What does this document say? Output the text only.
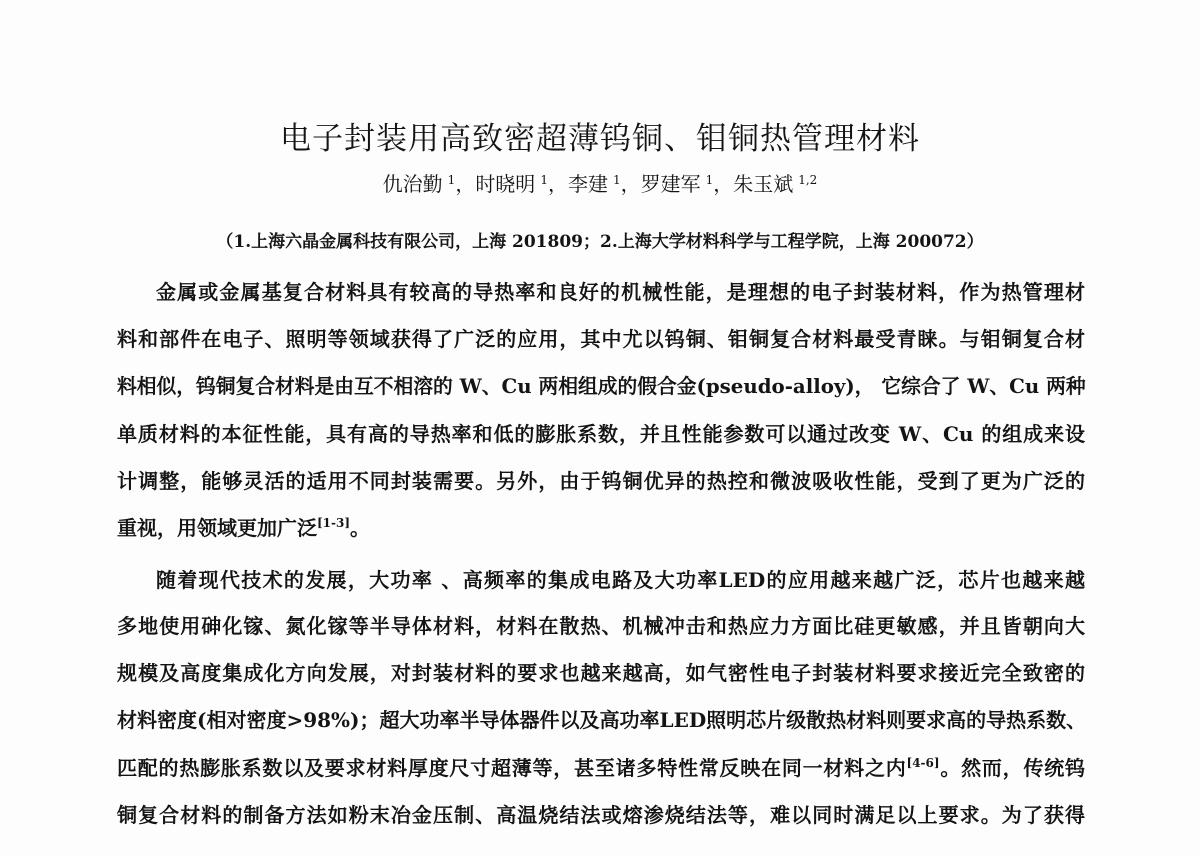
电子封装用高致密超薄钨铜、钼铜热管理材料
仇治勤 $^1$，时晓明 $^1$，李建 $^1$，罗建军 $^1$，朱玉斌 $^{1,2}$
（1.上海六晶金属科技有限公司，上海 201809；2.上海大学材料科学与工程学院，上海 200072）
金属或金属基复合材料具有较高的导热率和良好的机械性能，是理想的电子封装材料，作为热管理材
料和部件在电子、照明等领域获得了广泛的应用，其中尤以钨铜、钼铜复合材料最受青睐。与钼铜复合材
料相似，钨铜复合材料是由互不相溶的 W、Cu 两相组成的假合金(pseudo-alloy)， 它综合了 W、Cu 两种
单质材料的本征性能，具有高的导热率和低的膨胀系数，并且性能参数可以通过改变 W、Cu 的组成来设
计调整，能够灵活的适用不同封装需要。另外，由于钨铜优异的热控和微波吸收性能，受到了更为广泛的
重视，用领域更加广泛[1-3]。
随着现代技术的发展，大功率 、高频率的集成电路及大功率LED的应用越来越广泛，芯片也越来越
多地使用砷化镓、氮化镓等半导体材料，材料在散热、机械冲击和热应力方面比硅更敏感，并且皆朝向大
规模及高度集成化方向发展，对封装材料的要求也越来越高，如气密性电子封装材料要求接近完全致密的
材料密度(相对密度>98%)；超大功率半导体器件以及高功率LED照明芯片级散热材料则要求高的导热系数、
匹配的热膨胀系数以及要求材料厚度尺寸超薄等，甚至诸多特性常反映在同一材料之内[4-6]。然而，传统钨
铜复合材料的制备方法如粉末冶金压制、高温烧结法或熔渗烧结法等，难以同时满足以上要求。为了获得
